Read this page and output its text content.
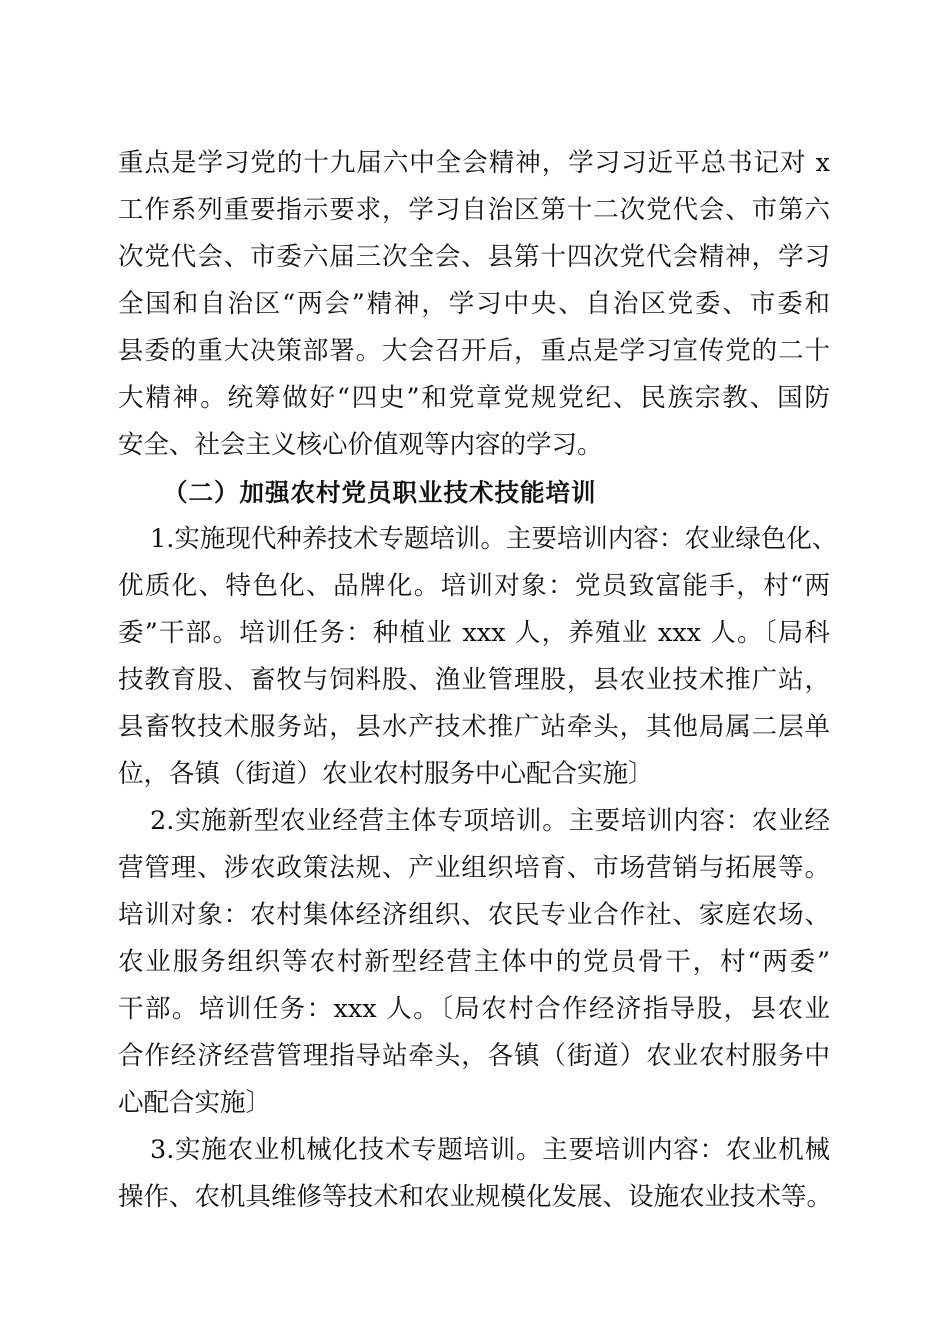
重点是学习党的十九届六中全会精神，学习习近平总书记对 x
工作系列重要指示要求，学习自治区第十二次党代会、市第六
次党代会、市委六届三次全会、县第十四次党代会精神，学习
全国和自治区“两会”精神，学习中央、自治区党委、市委和
县委的重大决策部署。大会召开后，重点是学习宣传党的二十
大精神。统筹做好“四史”和党章党规党纪、民族宗教、国防
安全、社会主义核心价值观等内容的学习。
（二）加强农村党员职业技术技能培训
1.实施现代种养技术专题培训。主要培训内容：农业绿色化、
优质化、特色化、品牌化。培训对象：党员致富能手，村“两
委”干部。培训任务：种植业 xxx 人，养殖业 xxx 人。〔局科
技教育股、畜牧与饲料股、渔业管理股，县农业技术推广站，
县畜牧技术服务站，县水产技术推广站牵头，其他局属二层单
位，各镇（街道）农业农村服务中心配合实施〕
2.实施新型农业经营主体专项培训。主要培训内容：农业经
营管理、涉农政策法规、产业组织培育、市场营销与拓展等。
培训对象：农村集体经济组织、农民专业合作社、家庭农场、
农业服务组织等农村新型经营主体中的党员骨干，村“两委”
干部。培训任务：xxx 人。〔局农村合作经济指导股，县农业
合作经济经营管理指导站牵头，各镇（街道）农业农村服务中
心配合实施〕
3.实施农业机械化技术专题培训。主要培训内容：农业机械
操作、农机具维修等技术和农业规模化发展、设施农业技术等。
